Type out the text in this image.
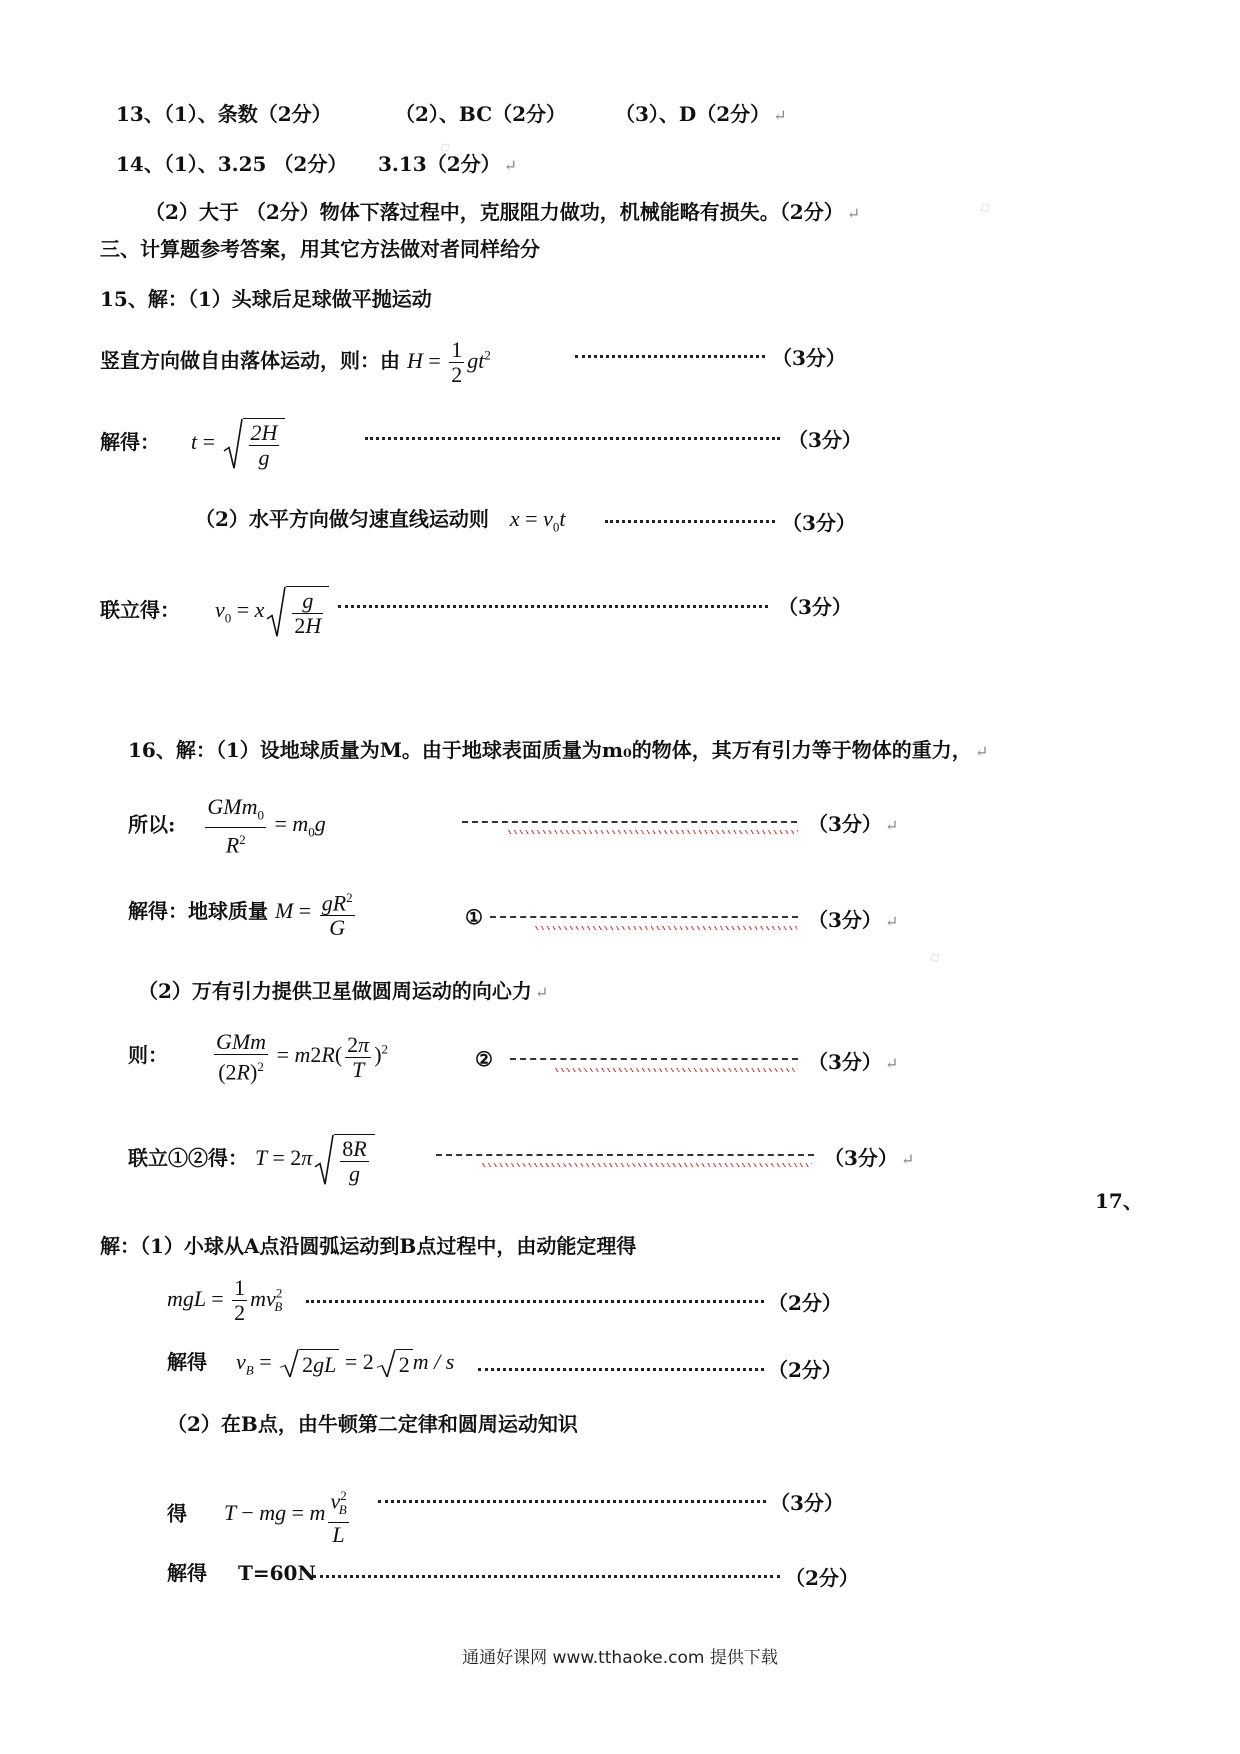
◇
◇
◇
13、（1）、条数（2分）	（2）、BC（2分） （3）、D（2分） ↵
14、（1）、3.25 （2分） 3.13（2分） ↵
（2）大于 （2分）物体下落过程中，克服阻力做功，机械能略有损失。（2分） ↵
三、计算题参考答案，用其它方法做对者同样给分
15、解：（1）头球后足球做平抛运动
竖直方向做自由落体运动，则：由 $H = \frac{1}{2} gt^2$	（3分）
解得： $t = \frac{2H}{g}$	（3分）
（2）水平方向做匀速直线运动则 $x = v_0t$	（3分）
联立得： $v_0 = x \frac{g}{2H}$	（3分）
16、解：（1）设地球质量为M。由于地球表面质量为m₀的物体，其万有引力等于物体的重力， ↵
所以: $\frac{GMm_0}{R^2} = m_0g$	（3分） ↵
解得：地球质量 $M = \frac{gR^2}{G}$	①	（3分） ↵
（2）万有引力提供卫星做圆周运动的向心力 ↵
则： $\frac{\text{GMm}}{(2R)^2} = m2R( \frac{2\pi}{T} )^2$	②	（3分） ↵
联立①②得： $T = 2\pi \frac{8R}{g}$	（3分） ↵
17、
解：（1）小球从A点沿圆弧运动到B点过程中，由动能定理得
mgL = $\frac{1}{2} mv^2_B$	（2分）
解得 $v_B = 2gL = 2$ 2 m / s	（2分）
（2）在B点，由牛顿第二定律和圆周运动知识
得 T − mg = m $\frac{v^2_B}{L}$	（3分）
解得 T=60N	（2分）
通通好课网 www.tthaoke.com 提供下载
